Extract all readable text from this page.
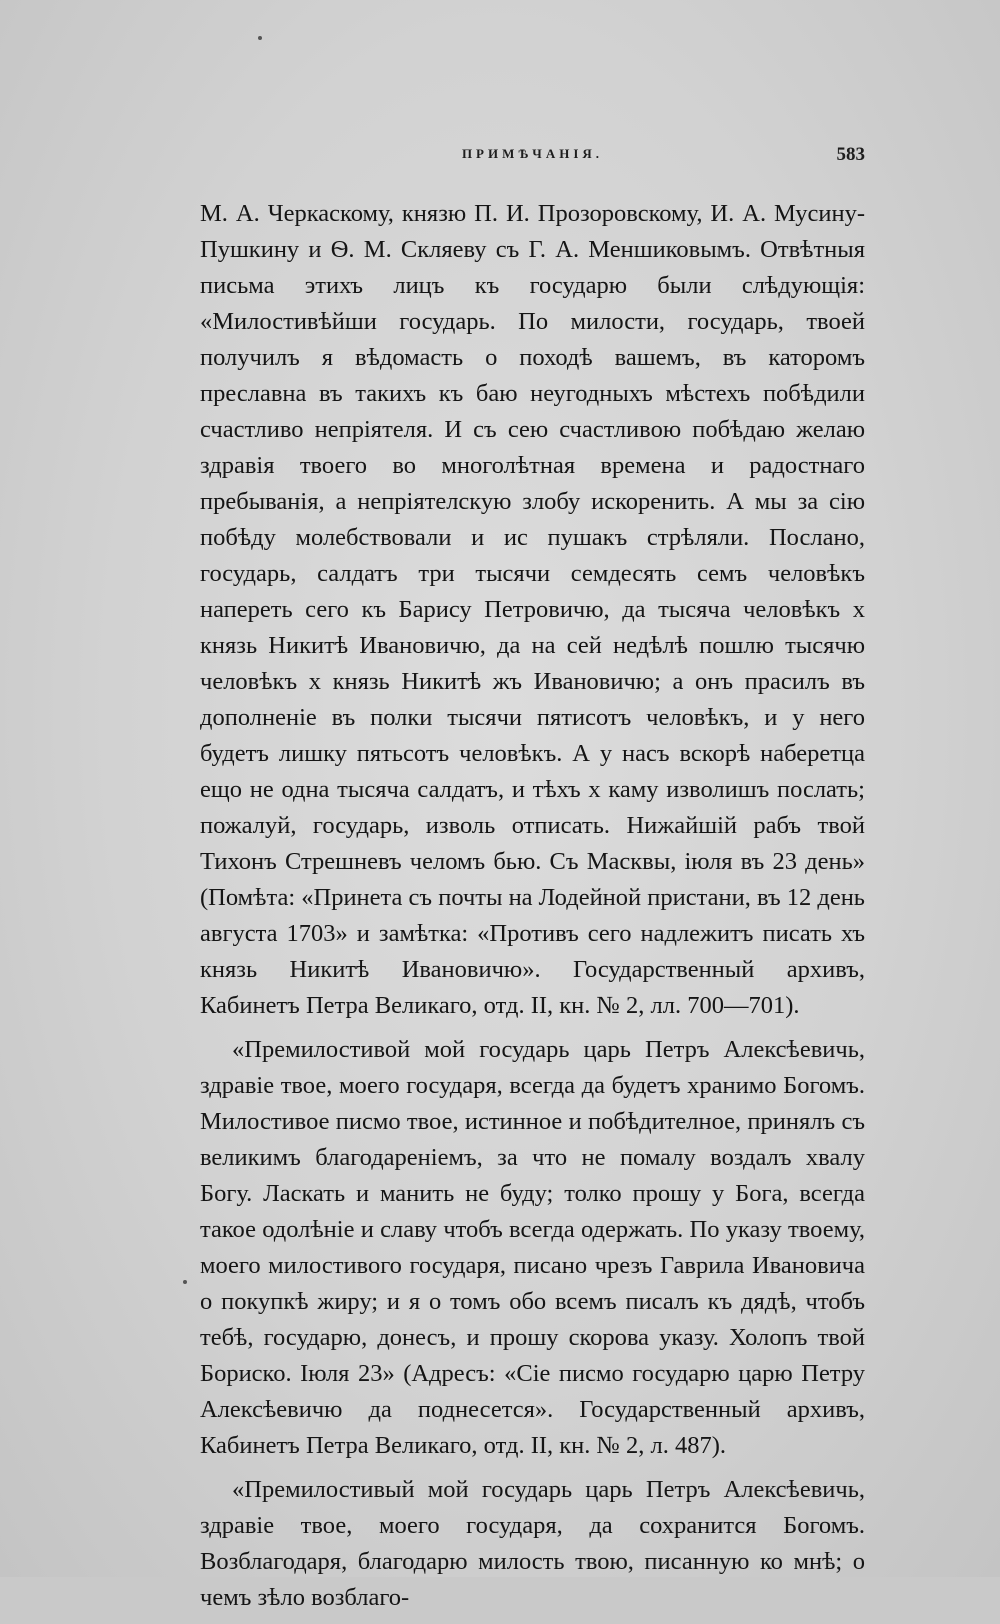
ПРИМѢЧАНІЯ.	583

М. А. Черкаскому, князю П. И. Прозоровскому, И. А. Мусину-Пушкину и Ѳ. М. Скляеву съ Г. А. Меншиковымъ. Отвѣтныя письма этихъ лицъ къ государю были слѣдующія: «Милостивѣйши государь. По милости, государь, твоей получилъ я вѣдомасть о походѣ вашемъ, въ каторомъ преславна въ такихъ къ баю неугодныхъ мѣстехъ побѣдили счастливо непріятеля. И съ сею счастливою побѣдаю желаю здравія твоего во многолѣтная времена и радостнаго пребыванія, а непріятелскую злобу искоренить. А мы за сію побѣду молебствовали и ис пушакъ стрѣляли. Послано, государь, салдатъ три тысячи семдесять семъ человѣкъ напереть сего къ Барису Петровичю, да тысяча человѣкъ х князь Никитѣ Ивановичю, да на сей недѣлѣ пошлю тысячю человѣкъ х князь Никитѣ жъ Ивановичю; а онъ прасилъ въ дополненіе въ полки тысячи пятисотъ человѣкъ, и у него будетъ лишку пятьсотъ человѣкъ. А у насъ вскорѣ наберетца ещо не одна тысяча салдатъ, и тѣхъ х каму изволишъ послать; пожалуй, государь, изволь отписать. Нижайшій рабъ твой Тихонъ Стрешневъ челомъ бью. Съ Масквы, іюля въ 23 день» (Помѣта: «Принета съ почты на Лодейной пристани, въ 12 день августа 1703» и замѣтка: «Противъ сего надлежитъ писать хъ князь Никитѣ Ивановичю». Государственный архивъ, Кабинетъ Петра Великаго, отд. II, кн. № 2, лл. 700—701).

«Премилостивой мой государь царь Петръ Алексѣевичь, здравіе твое, моего государя, всегда да будетъ хранимо Богомъ. Милостивое писмо твое, истинное и побѣдителное, принялъ съ великимъ благодареніемъ, за что не помалу воздалъ хвалу Богу. Ласкать и манить не буду; толко прошу у Бога, всегда такое одолѣніе и славу чтобъ всегда одержать. По указу твоему, моего милостивого государя, писано чрезъ Гаврила Ивановича о покупкѣ жиру; и я о томъ обо всемъ писалъ къ дядѣ, чтобъ тебѣ, государю, донесъ, и прошу скорова указу. Холопъ твой Бориско. Іюля 23» (Адресъ: «Сіе писмо государю царю Петру Алексѣевичю да поднесется». Государственный архивъ, Кабинетъ Петра Великаго, отд. II, кн. № 2, л. 487).

«Премилостивый мой государь царь Петръ Алексѣевичь, здравіе твое, моего государя, да сохранится Богомъ. Возблагодаря, благодарю милость твою, писанную ко мнѣ; о чемъ зѣло возблаго-
